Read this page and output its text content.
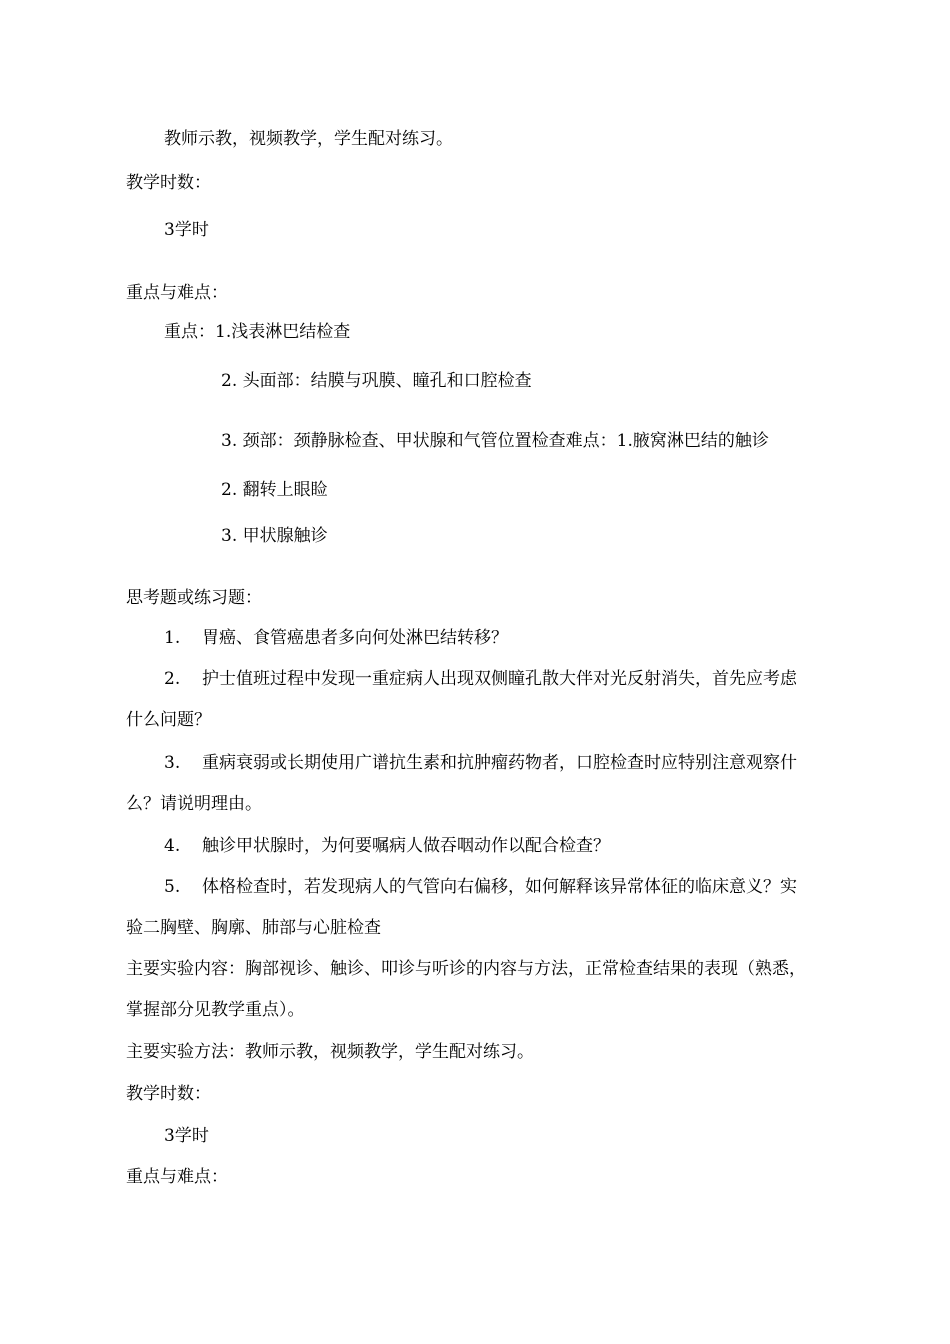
教师示教，视频教学，学生配对练习。
教学时数：
3学时
重点与难点：
重点：1.浅表淋巴结检查
2. 头面部：结膜与巩膜、瞳孔和口腔检查
3. 颈部：颈静脉检查、甲状腺和气管位置检查难点：1.腋窝淋巴结的触诊
2. 翻转上眼睑
3. 甲状腺触诊
思考题或练习题：
1. 胃癌、食管癌患者多向何处淋巴结转移？
2. 护士值班过程中发现一重症病人出现双侧瞳孔散大伴对光反射消失，首先应考虑
什么问题？
3. 重病衰弱或长期使用广谱抗生素和抗肿瘤药物者，口腔检查时应特别注意观察什
么？请说明理由。
4. 触诊甲状腺时，为何要嘱病人做吞咽动作以配合检查？
5. 体格检查时，若发现病人的气管向右偏移，如何解释该异常体征的临床意义？实
验二胸壁、胸廓、肺部与心脏检查
主要实验内容：胸部视诊、触诊、叩诊与听诊的内容与方法，正常检查结果的表现（熟悉，
掌握部分见教学重点）。
主要实验方法：教师示教，视频教学，学生配对练习。
教学时数：
3学时
重点与难点：
